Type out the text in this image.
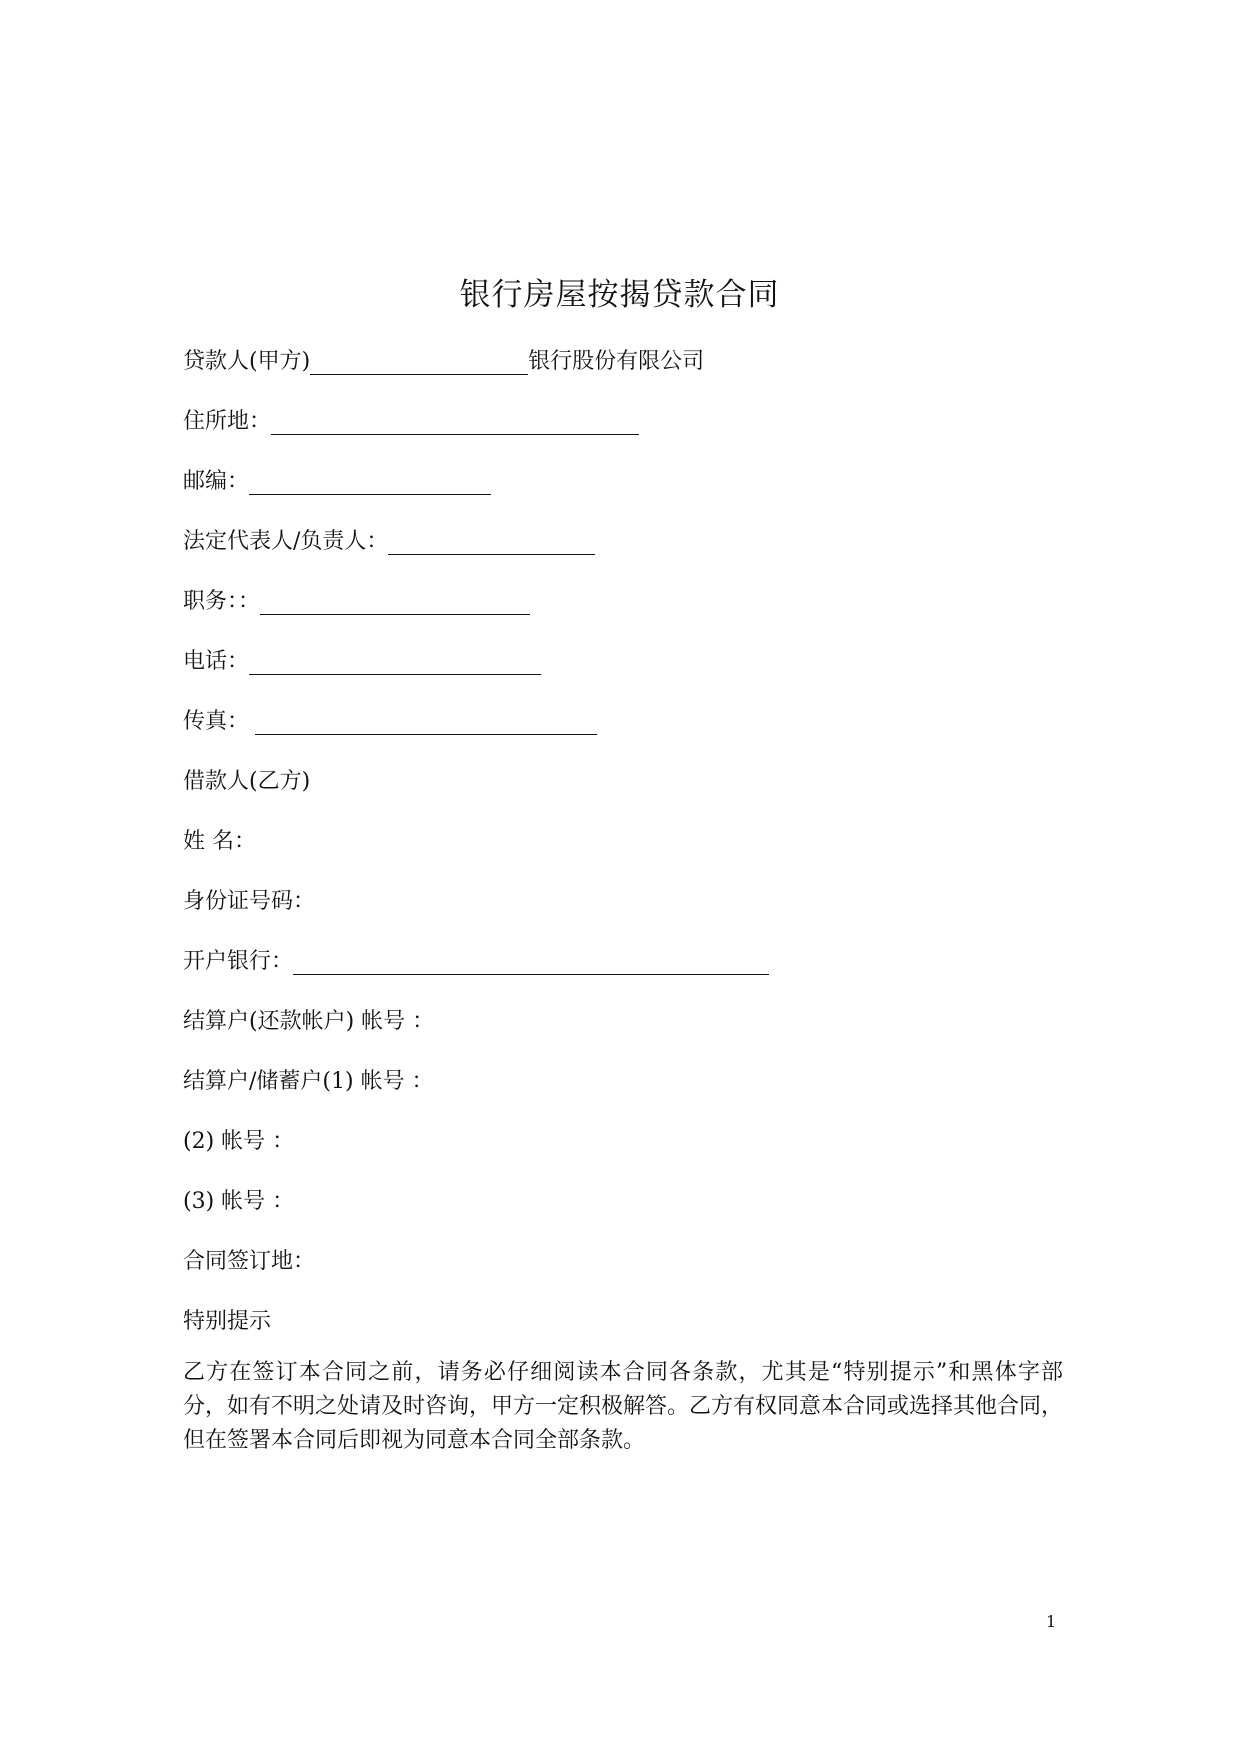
银行房屋按揭贷款合同
贷款人(甲方)	银行股份有限公司
住所地：
邮编：
法定代表人/负责人：
职务：：
电话：
传真：
借款人(乙方)
姓 名：
身份证号码：
开户银行：
结算户(还款帐户) 帐号 ：
结算户/储蓄户(1) 帐号 ：
(2) 帐号 ：
(3) 帐号 ：
合同签订地：
特别提示
乙方在签订本合同之前，请务必仔细阅读本合同各条款，尤其是“特别提示”和黑体字部分，如有不明之处请及时咨询，甲方一定积极解答。乙方有权同意本合同或选择其他合同，但在签署本合同后即视为同意本合同全部条款。
1
